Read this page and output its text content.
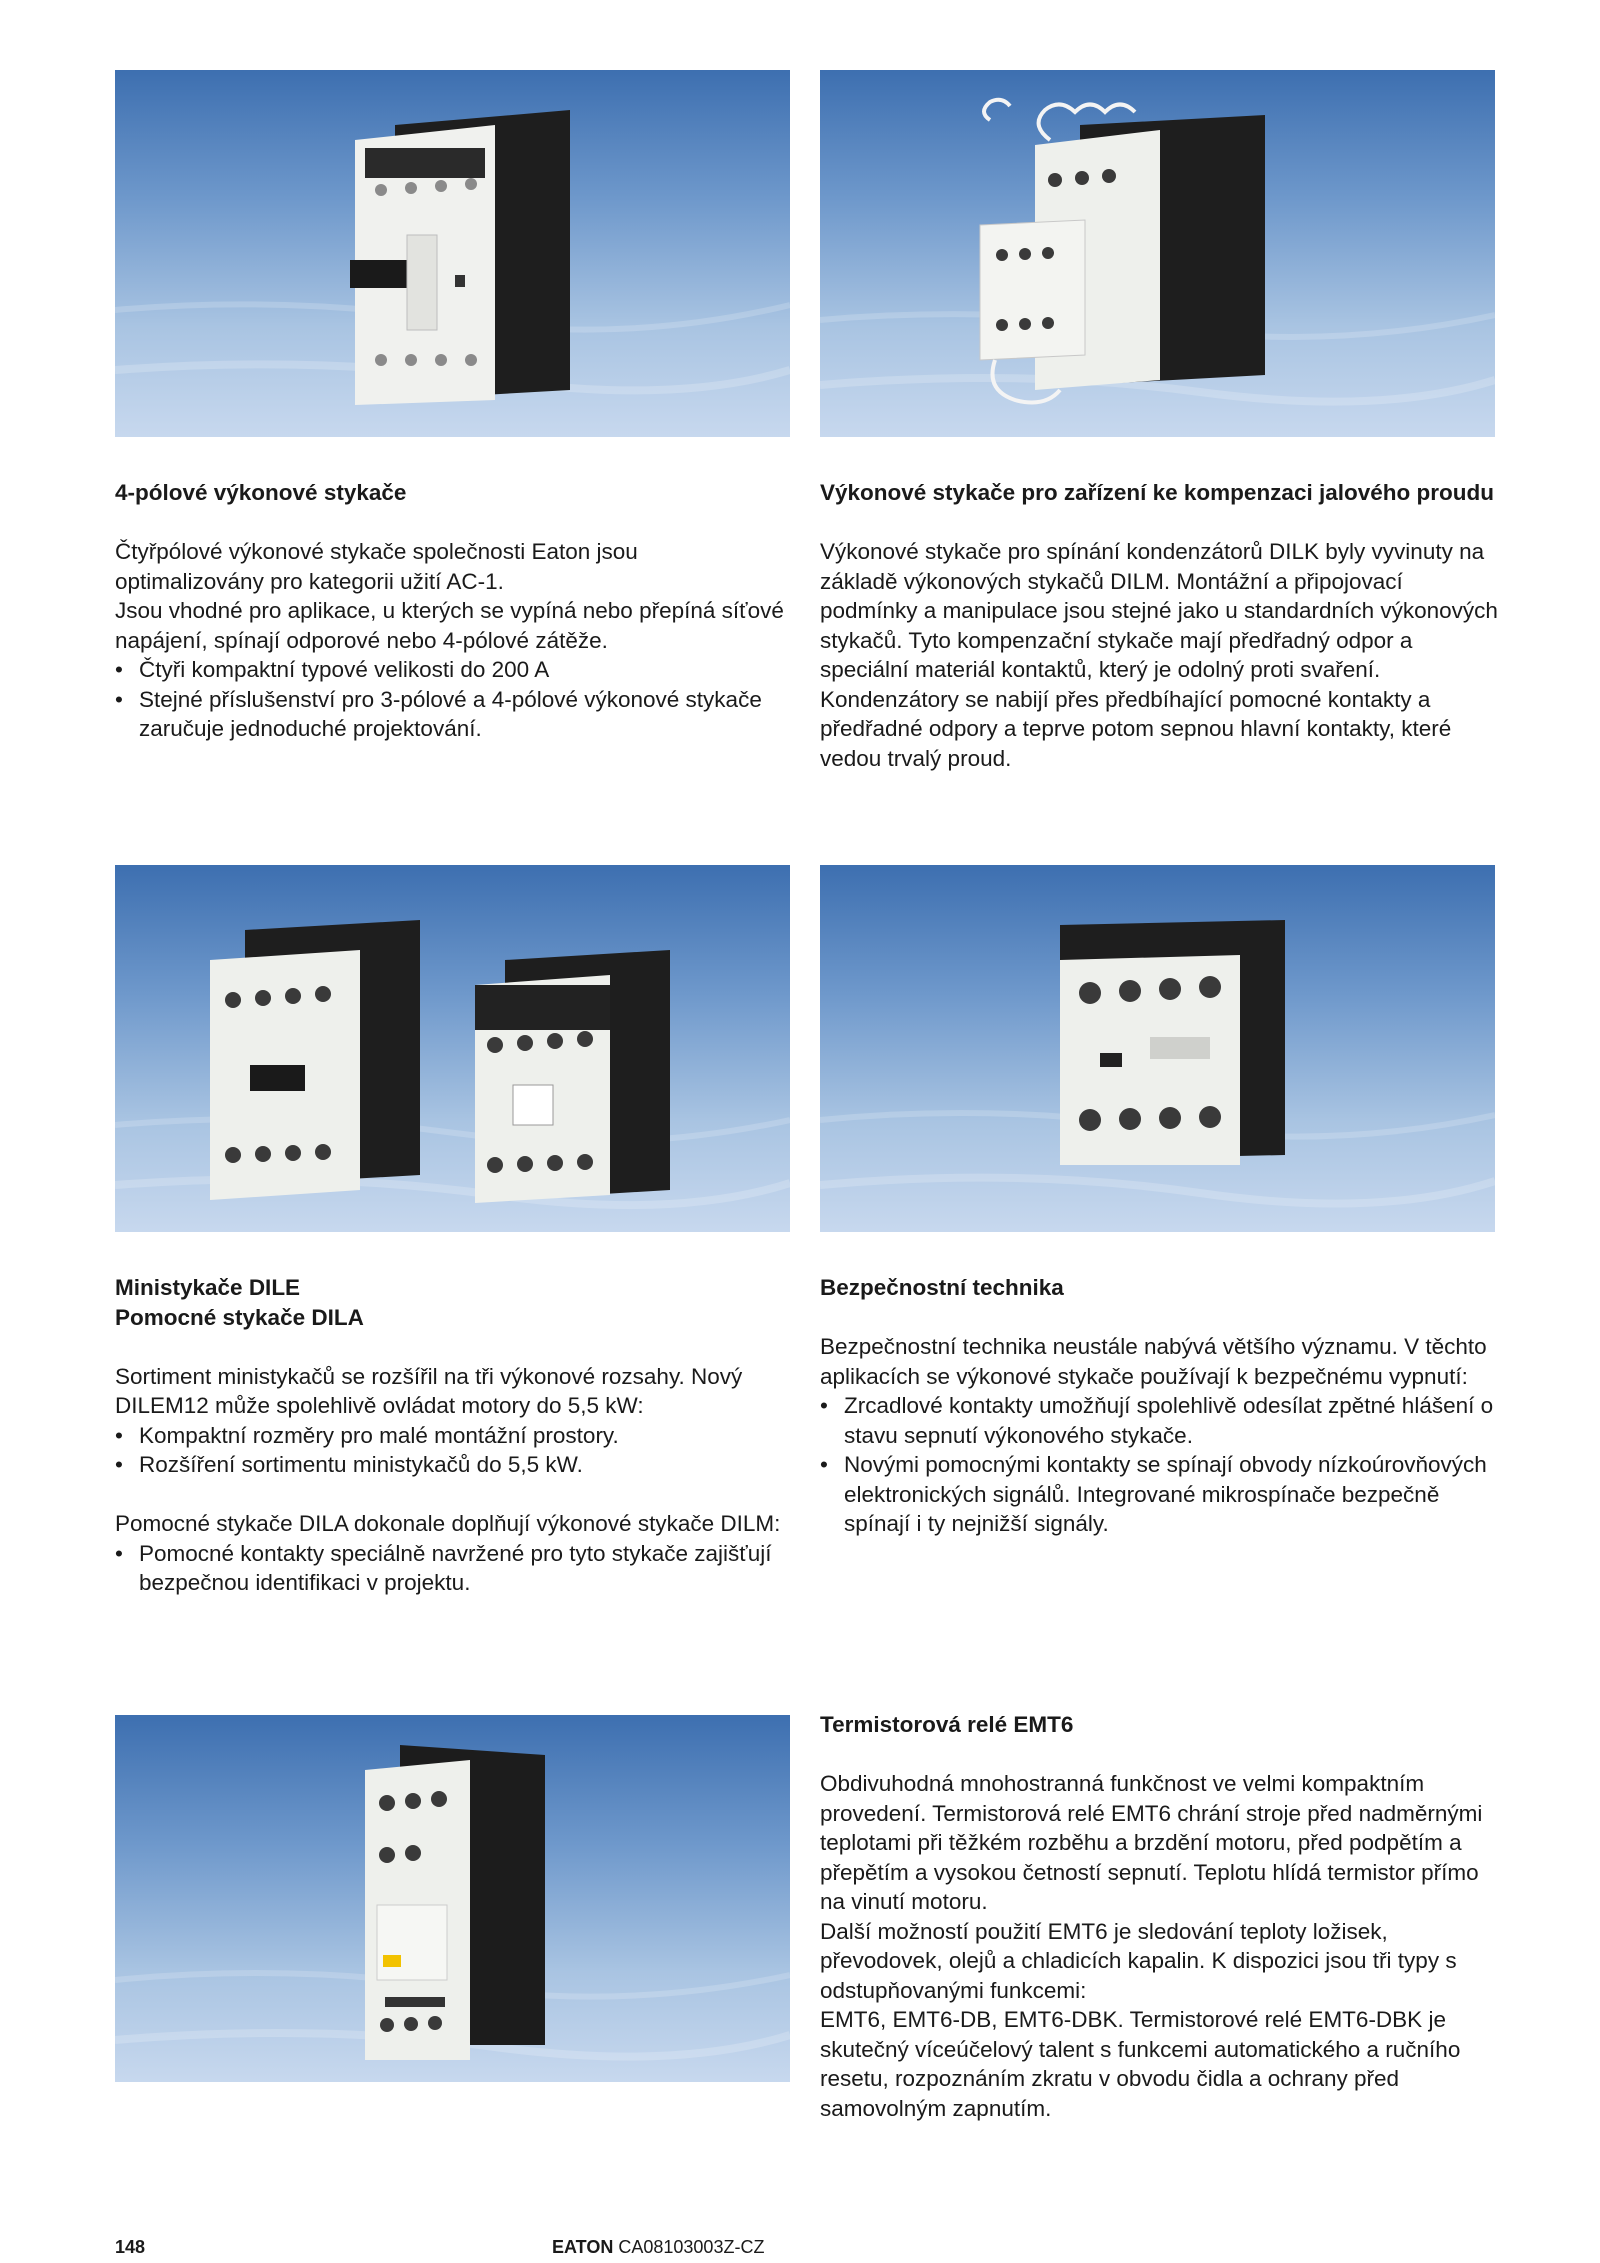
4-pólové výkonové stykače

Čtyřpólové výkonové stykače společnosti Eaton jsou optimalizovány pro kategorii užití AC-1.

Jsou vhodné pro aplikace, u kterých se vypíná nebo přepíná síťové napájení, spínají odporové nebo 4-pólové zátěže.

• Čtyři kompaktní typové velikosti do 200 A
• Stejné příslušenství pro 3-pólové a 4-pólové výkonové stykače zaručuje jednoduché projektování.
Výkonové stykače pro zařízení ke kompenzaci jalového proudu

Výkonové stykače pro spínání kondenzátorů DILK byly vyvinuty na základě výkonových stykačů DILM. Montážní a připojovací podmínky a manipulace jsou stejné jako u standardních výkonových stykačů. Tyto kompenzační stykače mají předřadný odpor a speciální materiál kontaktů, který je odolný proti svaření. Kondenzátory se nabijí přes předbíhající pomocné kontakty a předřadné odpory a teprve potom sepnou hlavní kontakty, které vedou trvalý proud.

Ministykače DILE
Pomocné stykače DILA

Sortiment ministykačů se rozšířil na tři výkonové rozsahy. Nový DILEM12 může spolehlivě ovládat motory do 5,5 kW:

• Kompaktní rozměry pro malé montážní prostory.
• Rozšíření sortimentu ministykačů do 5,5 kW.

Pomocné stykače DILA dokonale doplňují výkonové stykače DILM:

• Pomocné kontakty speciálně navržené pro tyto stykače zajišťují bezpečnou identifikaci v projektu.
Bezpečnostní technika

Bezpečnostní technika neustále nabývá většího významu. V těchto aplikacích se výkonové stykače používají k bezpečnému vypnutí:

• Zrcadlové kontakty umožňují spolehlivě odesílat zpětné hlášení o stavu sepnutí výkonového stykače.
• Novými pomocnými kontakty se spínají obvody nízkoúrovňových elektronických signálů. Integrované mikrospínače bezpečně spínají i ty nejnižší signály.
Termistorová relé EMT6

Obdivuhodná mnohostranná funkčnost ve velmi kompaktním provedení. Termistorová relé EMT6 chrání stroje před nadměrnými teplotami při těžkém rozběhu a brzdění motoru, před podpětím a přepětím a vysokou četností sepnutí. Teplotu hlídá termistor přímo na vinutí motoru.

Další možností použití EMT6 je sledování teploty ložisek, převodovek, olejů a chladicích kapalin. K dispozici jsou tři typy s odstupňovanými funkcemi:

EMT6, EMT6-DB, EMT6-DBK. Termistorové relé EMT6-DBK je skutečný víceúčelový talent s funkcemi automatického a ručního resetu, rozpoznáním zkratu v obvodu čidla a ochrany před samovolným zapnutím.

148	EATON CA08103003Z-CZ
